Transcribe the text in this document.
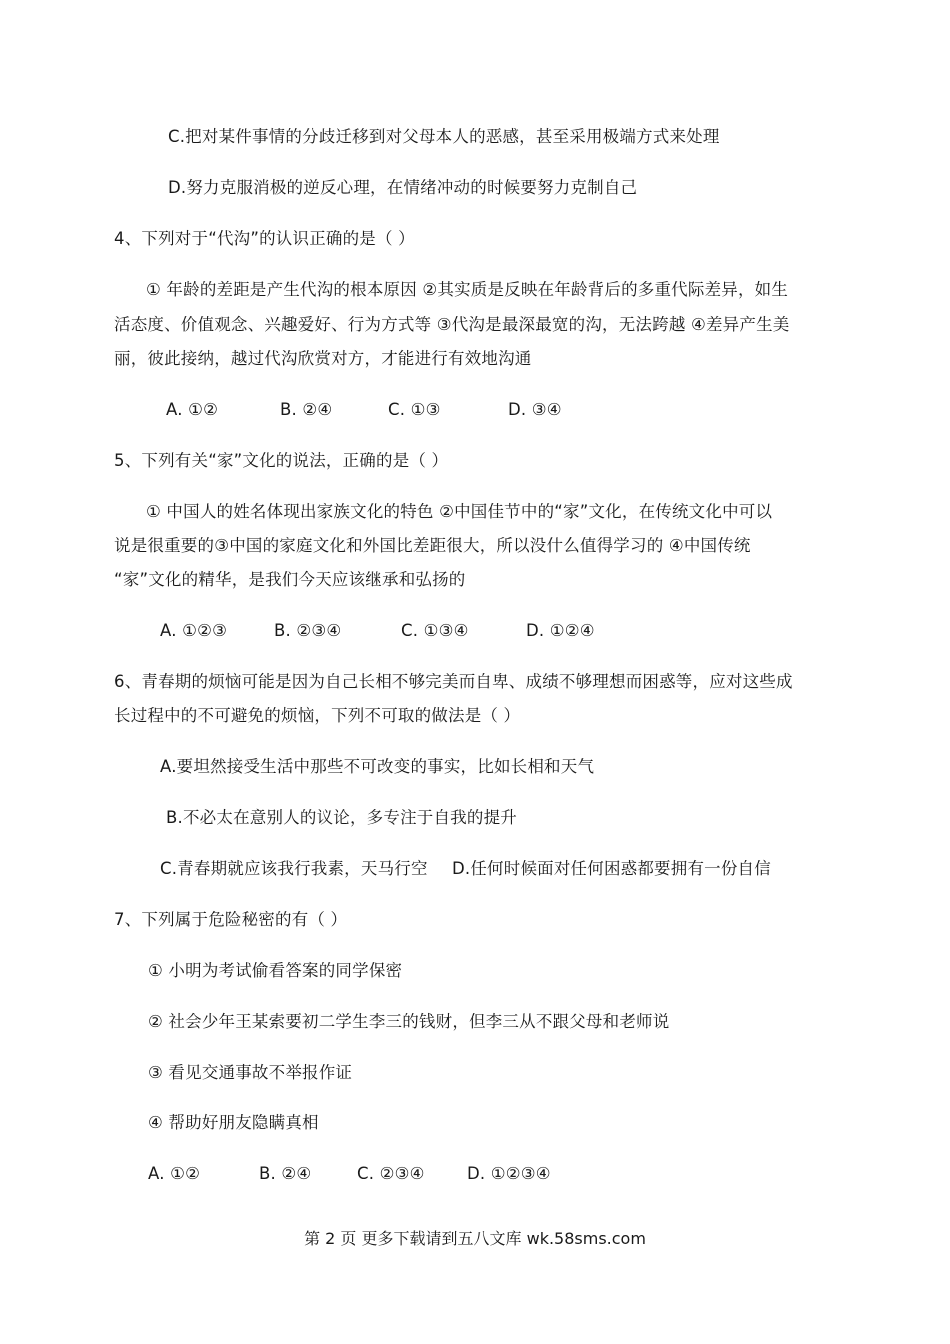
C.把对某件事情的分歧迁移到对父母本人的恶感，甚至采用极端方式来处理
D.努力克服消极的逆反心理，在情绪冲动的时候要努力克制自己
4、下列对于“代沟”的认识正确的是（ ）
① 年龄的差距是产生代沟的根本原因 ②其实质是反映在年龄背后的多重代际差异，如生
活态度、价值观念、兴趣爱好、行为方式等 ③代沟是最深最宽的沟，无法跨越 ④差异产生美
丽，彼此接纳，越过代沟欣赏对方，才能进行有效地沟通
A. ①②	B. ②④	C. ①③	D. ③④
5、下列有关“家”文化的说法，正确的是（ ）
① 中国人的姓名体现出家族文化的特色 ②中国佳节中的“家”文化，在传统文化中可以
说是很重要的③中国的家庭文化和外国比差距很大，所以没什么值得学习的 ④中国传统
“家”文化的精华，是我们今天应该继承和弘扬的
A. ①②③	B. ②③④	C. ①③④	D. ①②④
6、青春期的烦恼可能是因为自己长相不够完美而自卑、成绩不够理想而困惑等，应对这些成
长过程中的不可避免的烦恼，下列不可取的做法是（ ）
A.要坦然接受生活中那些不可改变的事实，比如长相和天气
B.不必太在意别人的议论，多专注于自我的提升
C.青春期就应该我行我素，天马行空 D.任何时候面对任何困惑都要拥有一份自信
7、下列属于危险秘密的有（ ）
① 小明为考试偷看答案的同学保密
② 社会少年王某索要初二学生李三的钱财，但李三从不跟父母和老师说
③ 看见交通事故不举报作证
④ 帮助好朋友隐瞒真相
A. ①②	B. ②④	C. ②③④	D. ①②③④
第 2 页 更多下载请到五八文库 wk.58sms.com
